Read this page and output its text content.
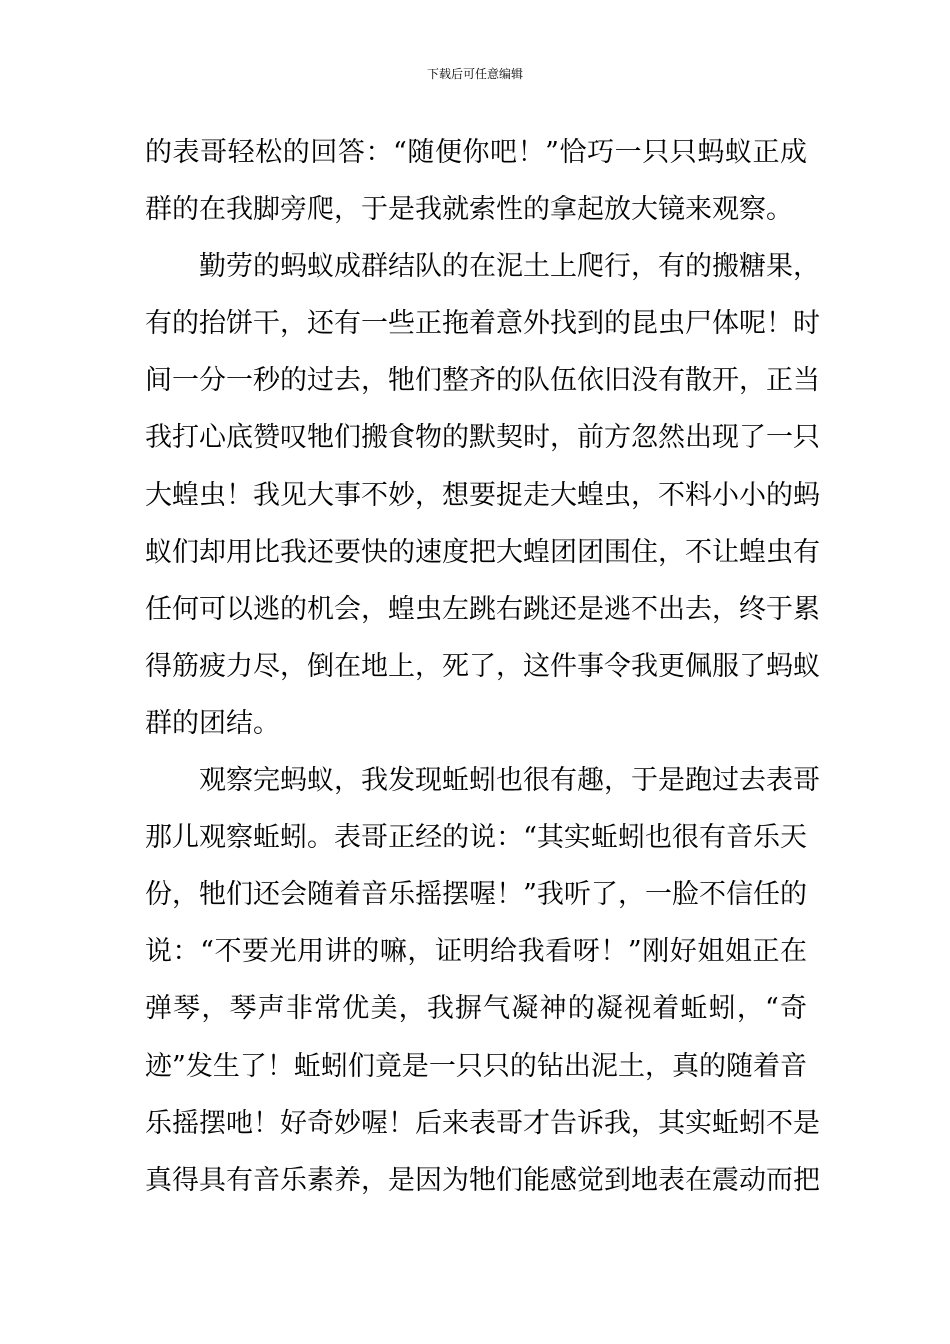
下载后可任意编辑
的表哥轻松的回答：“随便你吧！”恰巧一只只蚂蚁正成
群的在我脚旁爬，于是我就索性的拿起放大镜来观察。
勤劳的蚂蚁成群结队的在泥土上爬行，有的搬糖果，
有的抬饼干，还有一些正拖着意外找到的昆虫尸体呢！时
间一分一秒的过去，牠们整齐的队伍依旧没有散开，正当
我打心底赞叹牠们搬食物的默契时，前方忽然出现了一只
大蝗虫！我见大事不妙，想要捉走大蝗虫，不料小小的蚂
蚁们却用比我还要快的速度把大蝗团团围住，不让蝗虫有
任何可以逃的机会，蝗虫左跳右跳还是逃不出去，终于累
得筋疲力尽，倒在地上，死了，这件事令我更佩服了蚂蚁
群的团结。
观察完蚂蚁，我发现蚯蚓也很有趣，于是跑过去表哥
那儿观察蚯蚓。表哥正经的说：“其实蚯蚓也很有音乐天
份，牠们还会随着音乐摇摆喔！”我听了，一脸不信任的
说：“不要光用讲的嘛，证明给我看呀！”刚好姐姐正在
弹琴，琴声非常优美，我摒气凝神的凝视着蚯蚓，“奇
迹”发生了！蚯蚓们竟是一只只的钻出泥土，真的随着音
乐摇摆吔！好奇妙喔！后来表哥才告诉我，其实蚯蚓不是
真得具有音乐素养，是因为牠们能感觉到地表在震动而把
